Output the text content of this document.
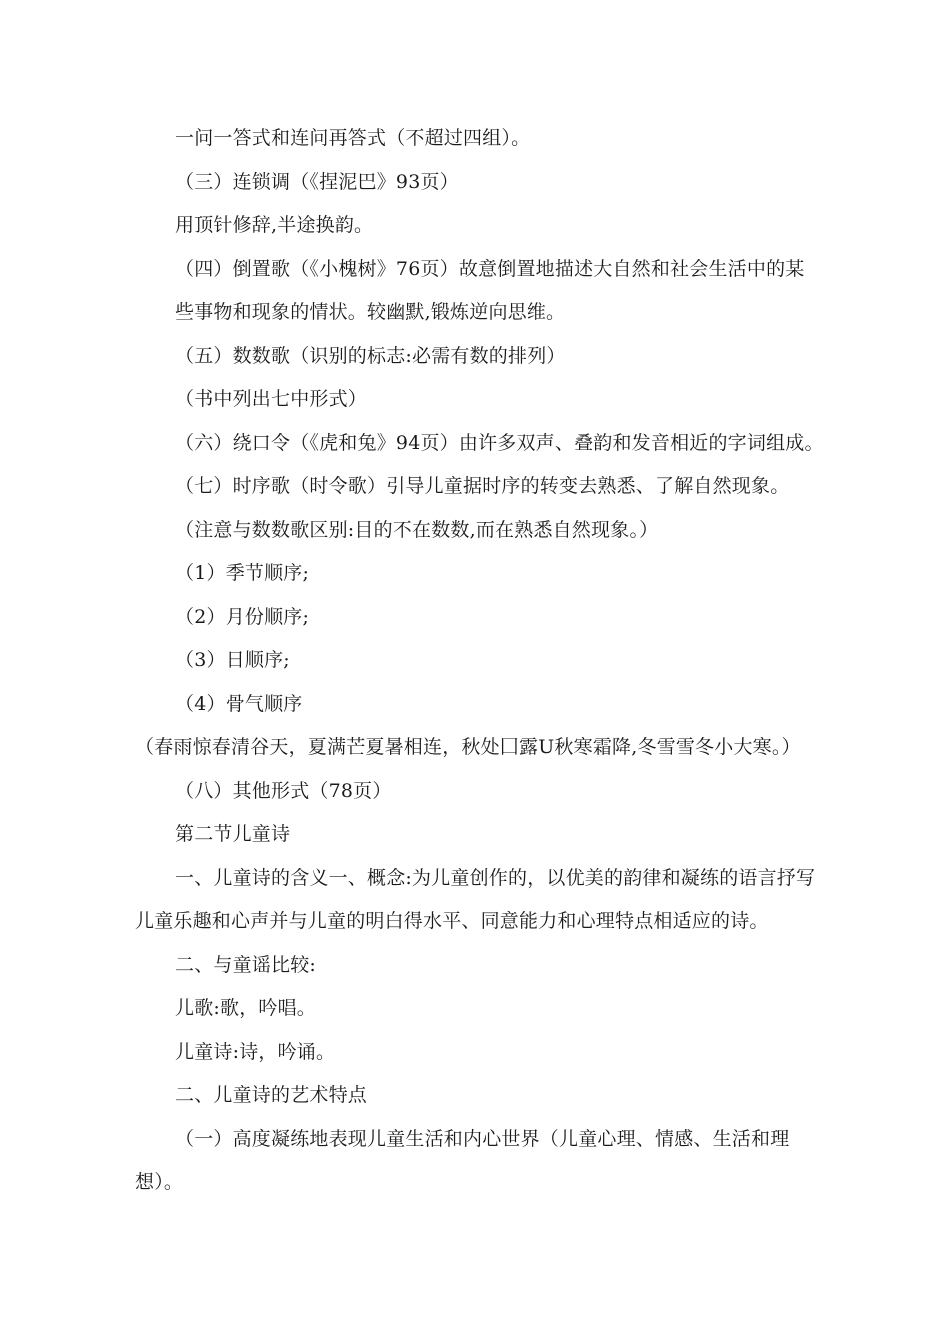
一问一答式和连问再答式（不超过四组）。
（三）连锁调（《捏泥巴》93页）
用顶针修辞,半途换韵。
（四）倒置歌（《小槐树》76页）故意倒置地描述大自然和社会生活中的某
些事物和现象的情状。较幽默,锻炼逆向思维。
（五）数数歌（识别的标志:必需有数的排列）
（书中列出七中形式）
（六）绕口令（《虎和兔》94页）由许多双声、叠韵和发音相近的字词组成。
（七）时序歌（时令歌）引导儿童据时序的转变去熟悉、了解自然现象。
（注意与数数歌区别:目的不在数数,而在熟悉自然现象。）
（1）季节顺序;
（2）月份顺序;
（3）日顺序;
（4）骨气顺序
（春雨惊春清谷天，夏满芒夏暑相连，秋处囗露U秋寒霜降,冬雪雪冬小大寒。）
（八）其他形式（78页）
第二节儿童诗
一、儿童诗的含义一、概念:为儿童创作的，以优美的韵律和凝练的语言抒写
儿童乐趣和心声并与儿童的明白得水平、同意能力和心理特点相适应的诗。
二、与童谣比较:
儿歌:歌，吟唱。
儿童诗:诗，吟诵。
二、儿童诗的艺术特点
（一）高度凝练地表现儿童生活和内心世界（儿童心理、情感、生活和理
想）。
